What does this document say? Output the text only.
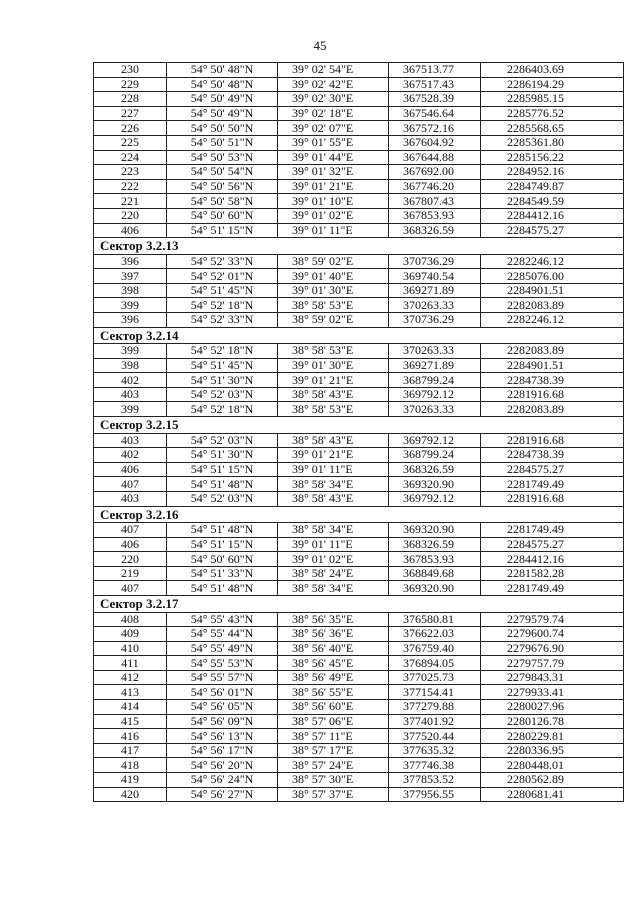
45
230	54° 50' 48"N	39° 02' 54"E	367513.77	2286403.69
229	54° 50' 48"N	39° 02' 42"E	367517.43	2286194.29
228	54° 50' 49"N	39° 02' 30"E	367528.39	2285985.15
227	54° 50' 49"N	39° 02' 18"E	367546.64	2285776.52
226	54° 50' 50"N	39° 02' 07"E	367572.16	2285568.65
225	54° 50' 51"N	39° 01' 55"E	367604.92	2285361.80
224	54° 50' 53"N	39° 01' 44"E	367644.88	2285156.22
223	54° 50' 54"N	39° 01' 32"E	367692.00	2284952.16
222	54° 50' 56"N	39° 01' 21"E	367746.20	2284749.87
221	54° 50' 58"N	39° 01' 10"E	367807.43	2284549.59
220	54° 50' 60"N	39° 01' 02"E	367853.93	2284412.16
406	54° 51' 15"N	39° 01' 11"E	368326.59	2284575.27
Сектор 3.2.13				
396	54° 52' 33"N	38° 59' 02"E	370736.29	2282246.12
397	54° 52' 01"N	39° 01' 40"E	369740.54	2285076.00
398	54° 51' 45"N	39° 01' 30"E	369271.89	2284901.51
399	54° 52' 18"N	38° 58' 53"E	370263.33	2282083.89
396	54° 52' 33"N	38° 59' 02"E	370736.29	2282246.12
Сектор 3.2.14				
399	54° 52' 18"N	38° 58' 53"E	370263.33	2282083.89
398	54° 51' 45"N	39° 01' 30"E	369271.89	2284901.51
402	54° 51' 30"N	39° 01' 21"E	368799.24	2284738.39
403	54° 52' 03"N	38° 58' 43"E	369792.12	2281916.68
399	54° 52' 18"N	38° 58' 53"E	370263.33	2282083.89
Сектор 3.2.15				
403	54° 52' 03"N	38° 58' 43"E	369792.12	2281916.68
402	54° 51' 30"N	39° 01' 21"E	368799.24	2284738.39
406	54° 51' 15"N	39° 01' 11"E	368326.59	2284575.27
407	54° 51' 48"N	38° 58' 34"E	369320.90	2281749.49
403	54° 52' 03"N	38° 58' 43"E	369792.12	2281916.68
Сектор 3.2.16				
407	54° 51' 48"N	38° 58' 34"E	369320.90	2281749.49
406	54° 51' 15"N	39° 01' 11"E	368326.59	2284575.27
220	54° 50' 60"N	39° 01' 02"E	367853.93	2284412.16
219	54° 51' 33"N	38° 58' 24"E	368849.68	2281582.28
407	54° 51' 48"N	38° 58' 34"E	369320.90	2281749.49
Сектор 3.2.17				
408	54° 55' 43"N	38° 56' 35"E	376580.81	2279579.74
409	54° 55' 44"N	38° 56' 36"E	376622.03	2279600.74
410	54° 55' 49"N	38° 56' 40"E	376759.40	2279676.90
411	54° 55' 53"N	38° 56' 45"E	376894.05	2279757.79
412	54° 55' 57"N	38° 56' 49"E	377025.73	2279843.31
413	54° 56' 01"N	38° 56' 55"E	377154.41	2279933.41
414	54° 56' 05"N	38° 56' 60"E	377279.88	2280027.96
415	54° 56' 09"N	38° 57' 06"E	377401.92	2280126.78
416	54° 56' 13"N	38° 57' 11"E	377520.44	2280229.81
417	54° 56' 17"N	38° 57' 17"E	377635.32	2280336.95
418	54° 56' 20"N	38° 57' 24"E	377746.38	2280448.01
419	54° 56' 24"N	38° 57' 30"E	377853.52	2280562.89
420	54° 56' 27"N	38° 57' 37"E	377956.55	2280681.41
